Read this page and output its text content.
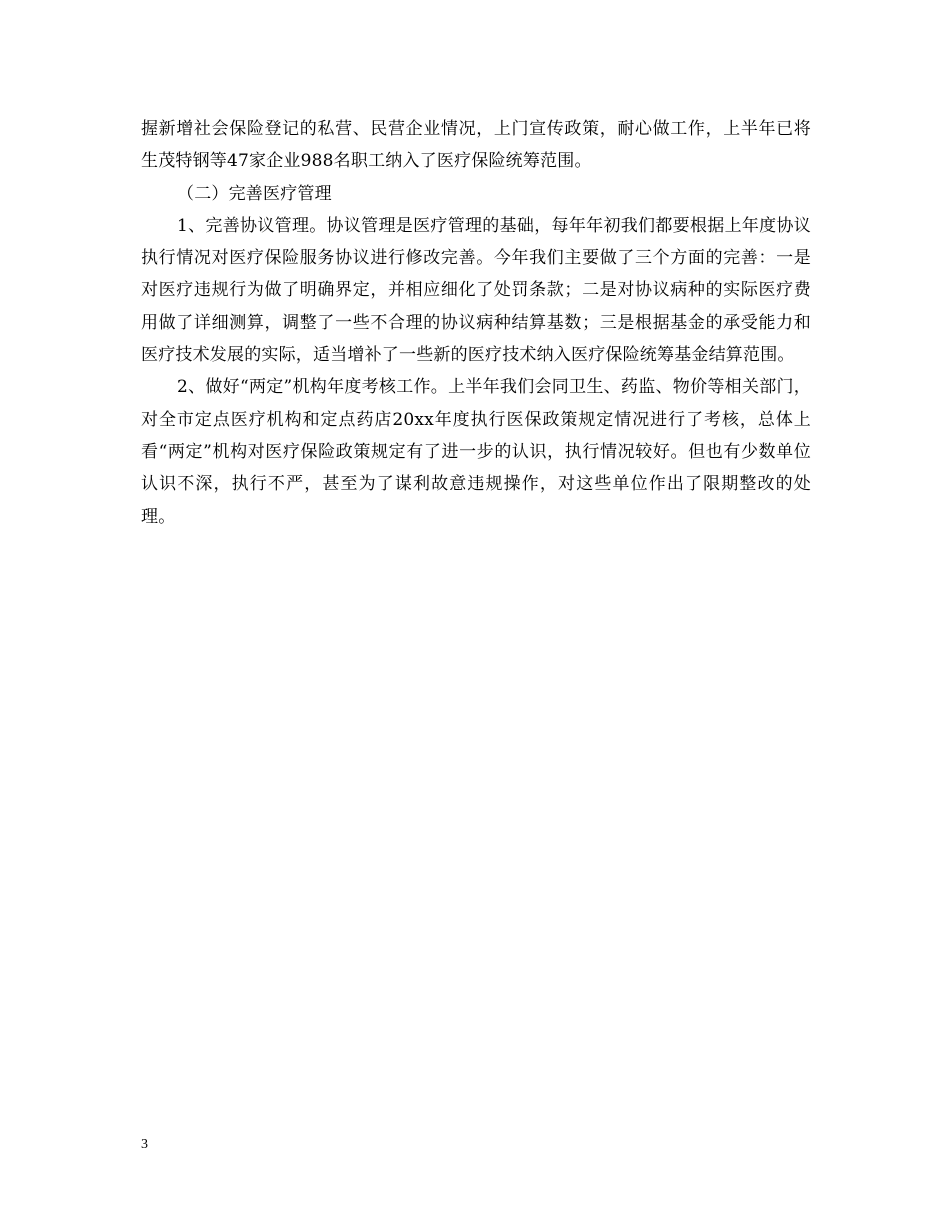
握新增社会保险登记的私营、民营企业情况，上门宣传政策，耐心做工作，上半年已将生茂特钢等47家企业988名职工纳入了医疗保险统筹范围。

（二）完善医疗管理

1、完善协议管理。协议管理是医疗管理的基础，每年年初我们都要根据上年度协议执行情况对医疗保险服务协议进行修改完善。今年我们主要做了三个方面的完善：一是对医疗违规行为做了明确界定，并相应细化了处罚条款；二是对协议病种的实际医疗费用做了详细测算，调整了一些不合理的协议病种结算基数；三是根据基金的承受能力和医疗技术发展的实际，适当增补了一些新的医疗技术纳入医疗保险统筹基金结算范围。

2、做好“两定”机构年度考核工作。上半年我们会同卫生、药监、物价等相关部门，对全市定点医疗机构和定点药店20xx年度执行医保政策规定情况进行了考核，总体上看“两定”机构对医疗保险政策规定有了进一步的认识，执行情况较好。但也有少数单位认识不深，执行不严，甚至为了谋利故意违规操作，对这些单位作出了限期整改的处理。

3
